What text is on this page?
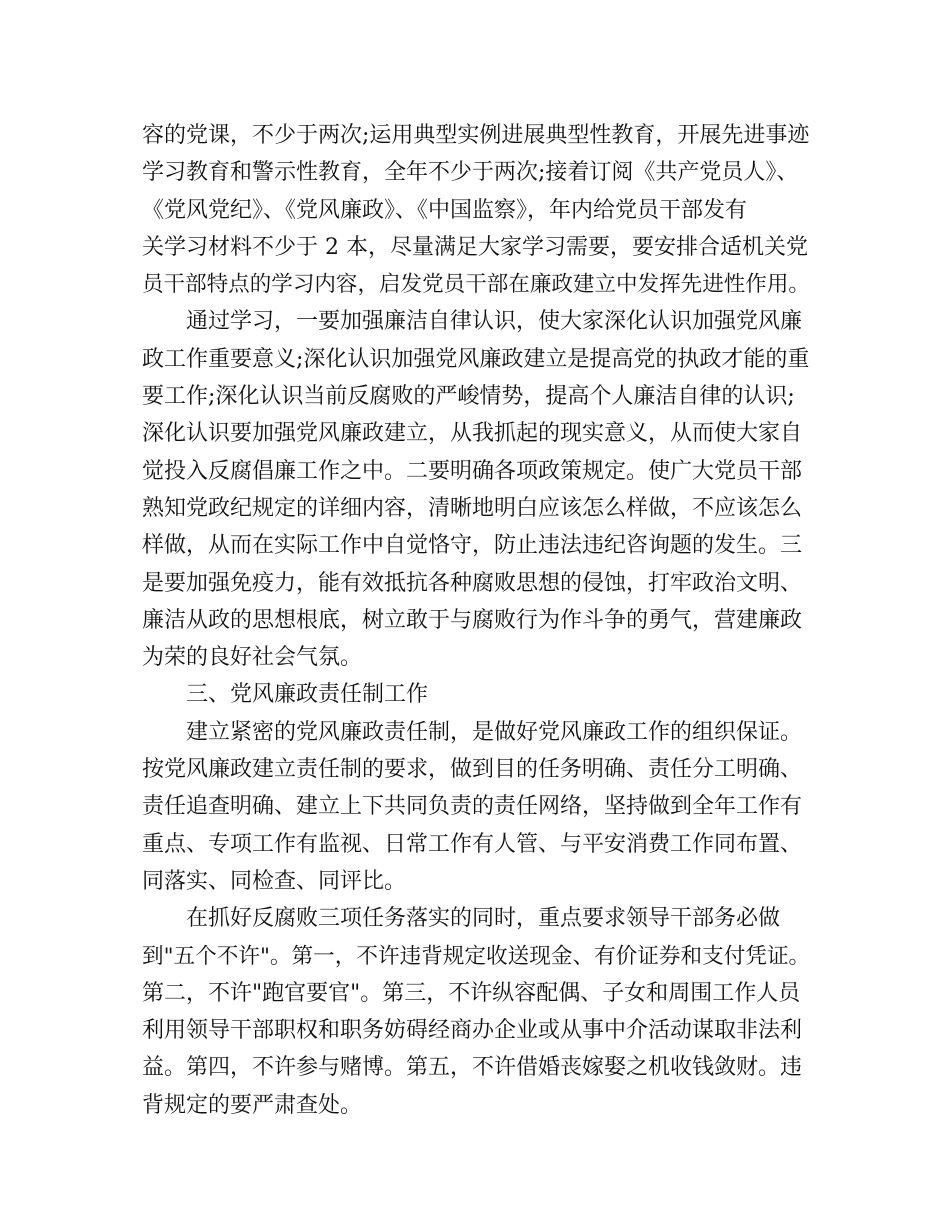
容的党课，不少于两次;运用典型实例进展典型性教育，开展先进事迹
学习教育和警示性教育，全年不少于两次;接着订阅《共产党员人》、
《党风党纪》、《党风廉政》、《中国监察》，年内给党员干部发有
关学习材料不少于 2 本，尽量满足大家学习需要，要安排合适机关党
员干部特点的学习内容，启发党员干部在廉政建立中发挥先进性作用。
通过学习，一要加强廉洁自律认识，使大家深化认识加强党风廉
政工作重要意义;深化认识加强党风廉政建立是提高党的执政才能的重
要工作;深化认识当前反腐败的严峻情势，提高个人廉洁自律的认识;
深化认识要加强党风廉政建立，从我抓起的现实意义，从而使大家自
觉投入反腐倡廉工作之中。二要明确各项政策规定。使广大党员干部
熟知党政纪规定的详细内容，清晰地明白应该怎么样做，不应该怎么
样做，从而在实际工作中自觉恪守，防止违法违纪咨询题的发生。三
是要加强免疫力，能有效抵抗各种腐败思想的侵蚀，打牢政治文明、
廉洁从政的思想根底，树立敢于与腐败行为作斗争的勇气，营建廉政
为荣的良好社会气氛。
三、党风廉政责任制工作
建立紧密的党风廉政责任制，是做好党风廉政工作的组织保证。
按党风廉政建立责任制的要求，做到目的任务明确、责任分工明确、
责任追查明确、建立上下共同负责的责任网络，坚持做到全年工作有
重点、专项工作有监视、日常工作有人管、与平安消费工作同布置、
同落实、同检查、同评比。
在抓好反腐败三项任务落实的同时，重点要求领导干部务必做
到"五个不许"。第一，不许违背规定收送现金、有价证券和支付凭证。
第二，不许"跑官要官"。第三，不许纵容配偶、子女和周围工作人员
利用领导干部职权和职务妨碍经商办企业或从事中介活动谋取非法利
益。第四，不许参与赌博。第五，不许借婚丧嫁娶之机收钱敛财。违
背规定的要严肃查处。
